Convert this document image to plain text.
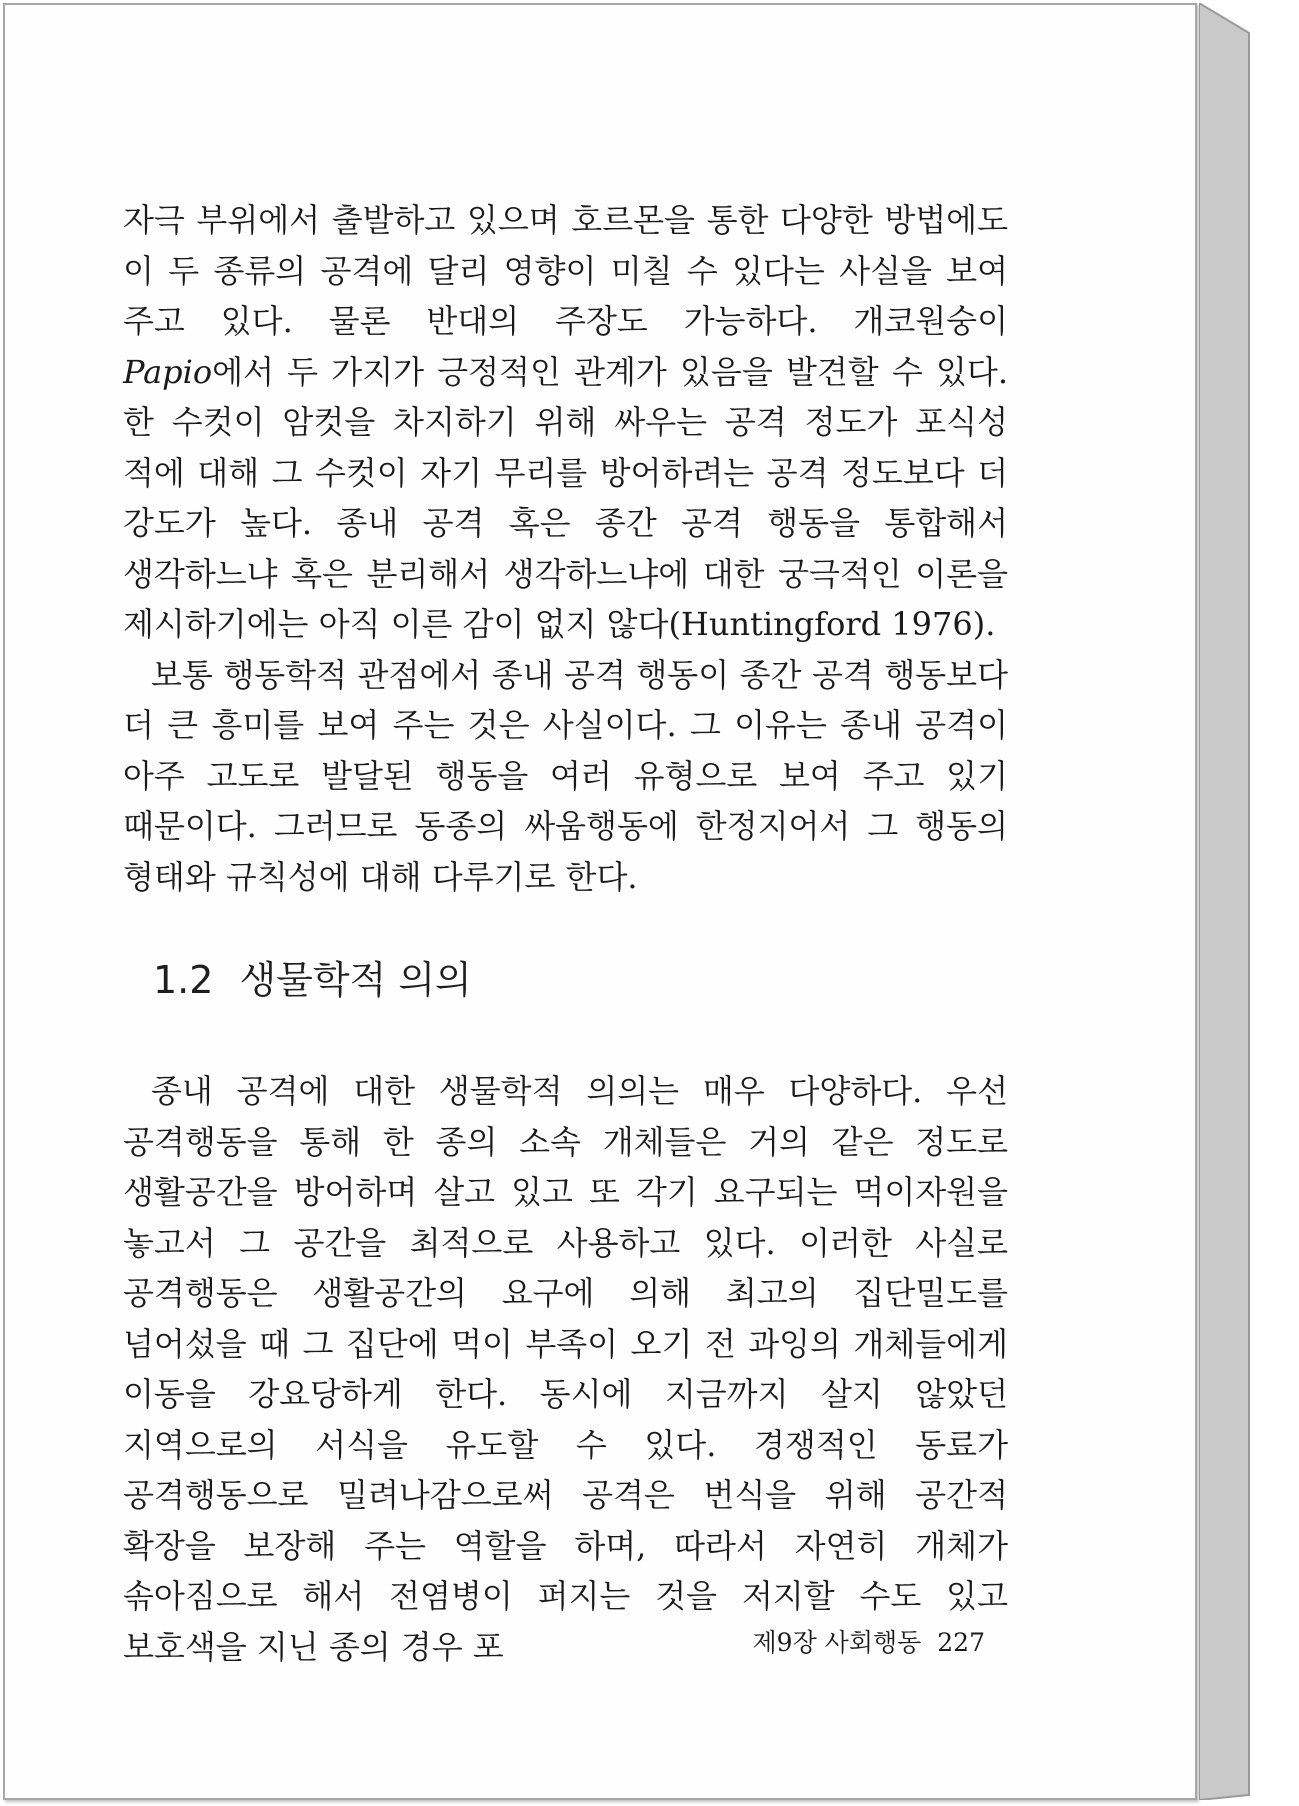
자극 부위에서 출발하고 있으며 호르몬을 통한 다양한 방법에도 이 두 종류의 공격에 달리 영향이 미칠 수 있다는 사실을 보여 주고 있다. 물론 반대의 주장도 가능하다. 개코원숭이 Papio에서 두 가지가 긍정적인 관계가 있음을 발견할 수 있다. 한 수컷이 암컷을 차지하기 위해 싸우는 공격 정도가 포식성 적에 대해 그 수컷이 자기 무리를 방어하려는 공격 정도보다 더 강도가 높다. 종내 공격 혹은 종간 공격 행동을 통합해서 생각하느냐 혹은 분리해서 생각하느냐에 대한 궁극적인 이론을 제시하기에는 아직 이른 감이 없지 않다(Huntingford 1976).

보통 행동학적 관점에서 종내 공격 행동이 종간 공격 행동보다 더 큰 흥미를 보여 주는 것은 사실이다. 그 이유는 종내 공격이 아주 고도로 발달된 행동을 여러 유형으로 보여 주고 있기 때문이다. 그러므로 동종의 싸움행동에 한정지어서 그 행동의 형태와 규칙성에 대해 다루기로 한다.

1.2 생물학적 의의

종내 공격에 대한 생물학적 의의는 매우 다양하다. 우선 공격행동을 통해 한 종의 소속 개체들은 거의 같은 정도로 생활공간을 방어하며 살고 있고 또 각기 요구되는 먹이자원을 놓고서 그 공간을 최적으로 사용하고 있다. 이러한 사실로 공격행동은 생활공간의 요구에 의해 최고의 집단밀도를 넘어섰을 때 그 집단에 먹이 부족이 오기 전 과잉의 개체들에게 이동을 강요당하게 한다. 동시에 지금까지 살지 않았던 지역으로의 서식을 유도할 수 있다. 경쟁적인 동료가 공격행동으로 밀려나감으로써 공격은 번식을 위해 공간적 확장을 보장해 주는 역할을 하며, 따라서 자연히 개체가 솎아짐으로 해서 전염병이 퍼지는 것을 저지할 수도 있고 보호색을 지닌 종의 경우 포	제9장 사회행동 227
